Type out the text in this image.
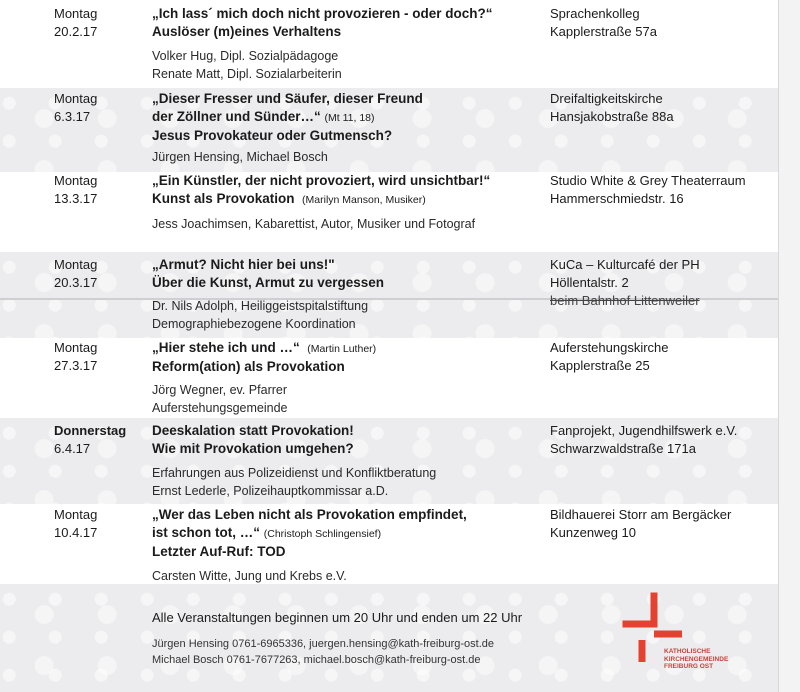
Montag
20.2.17
„Ich lass´ mich doch nicht provozieren - oder doch?“
Auslöser (m)eines Verhaltens
Volker Hug, Dipl. Sozialpädagoge
Renate Matt, Dipl. Sozialarbeiterin
Sprachenkolleg
Kapplerstraße 57a
Montag
6.3.17
„Dieser Fresser und Säufer, dieser Freund
der Zöllner und Sünder…“ (Mt 11, 18)
Jesus Provokateur oder Gutmensch?
Jürgen Hensing, Michael Bosch
Dreifaltigkeitskirche
Hansjakobstraße 88a
Montag
13.3.17
„Ein Künstler, der nicht provoziert, wird unsichtbar!“
Kunst als Provokation (Marilyn Manson, Musiker)
Jess Joachimsen, Kabarettist, Autor, Musiker und Fotograf
Studio White & Grey Theaterraum
Hammerschmiedstr. 16
Montag
20.3.17
„Armut? Nicht hier bei uns!"
Über die Kunst, Armut zu vergessen
Dr. Nils Adolph, Heiliggeistspitalstiftung
Demographiebezogene Koordination
KuCa – Kulturcafé der PH
Höllentalstr. 2
beim Bahnhof Littenweiler
Montag
27.3.17
„Hier stehe ich und …“ (Martin Luther)
Reform(ation) als Provokation
Jörg Wegner, ev. Pfarrer
Auferstehungsgemeinde
Auferstehungskirche
Kapplerstraße 25
Donnerstag
6.4.17
Deeskalation statt Provokation!
Wie mit Provokation umgehen?
Erfahrungen aus Polizeidienst und Konfliktberatung
Ernst Lederle, Polizeihauptkommissar a.D.
Fanprojekt, Jugendhilfswerk e.V.
Schwarzwaldstraße 171a
Montag
10.4.17
„Wer das Leben nicht als Provokation empfindet,
ist schon tot, …“ (Christoph Schlingensief)
Letzter Auf-Ruf: TOD
Carsten Witte, Jung und Krebs e.V.
Bildhauerei Storr am Bergäcker
Kunzenweg 10
Alle Veranstaltungen beginnen um 20 Uhr und enden um 22 Uhr
Jürgen Hensing 0761-6965336, juergen.hensing@kath-freiburg-ost.de
Michael Bosch 0761-7677263, michael.bosch@kath-freiburg-ost.de
KATHOLISCHE
KIRCHENGEMEINDE
FREIBURG OST
